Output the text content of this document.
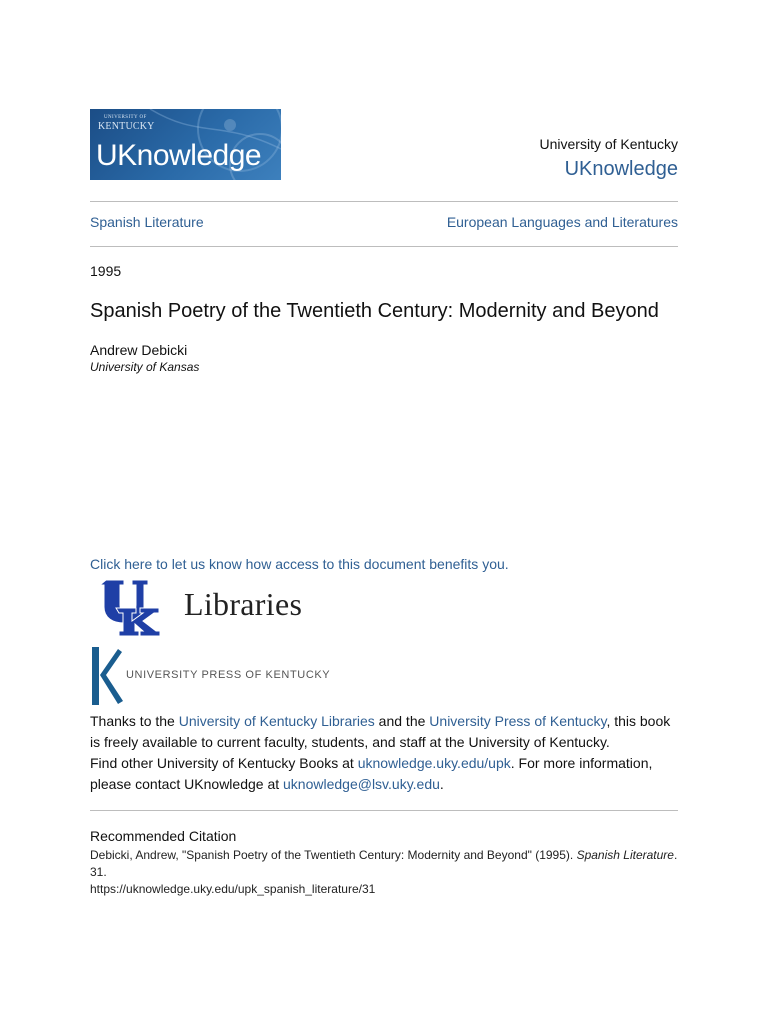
UNIVERSITY OF
KENTUCKY
UKnowledge	University of Kentucky
UKnowledge
Spanish Literature	European Languages and Literatures
1995
Spanish Poetry of the Twentieth Century: Modernity and Beyond
Andrew Debicki
University of Kansas
Click here to let us know how access to this document benefits you.
Libraries
UNIVERSITY PRESS OF KENTUCKY
Thanks to the University of Kentucky Libraries and the University Press of Kentucky, this book is freely available to current faculty, students, and staff at the University of Kentucky.
Find other University of Kentucky Books at uknowledge.uky.edu/upk. For more information, please contact UKnowledge at uknowledge@lsv.uky.edu.
Recommended Citation
Debicki, Andrew, "Spanish Poetry of the Twentieth Century: Modernity and Beyond" (1995). Spanish Literature. 31.
https://uknowledge.uky.edu/upk_spanish_literature/31
